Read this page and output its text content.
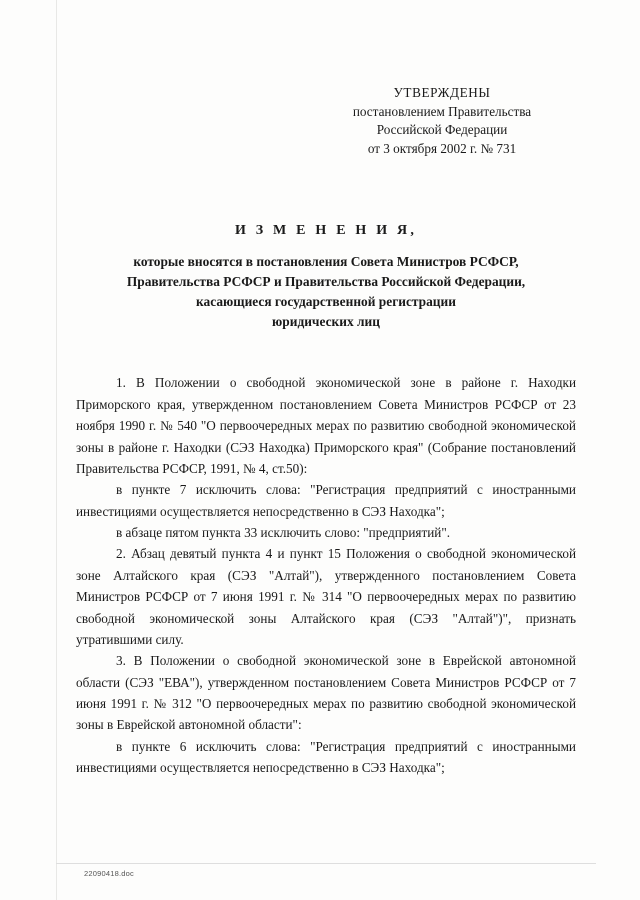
УТВЕРЖДЕНЫ
постановлением Правительства
Российской Федерации
от 3 октября 2002 г. № 731
И З М Е Н Е Н И Я,
которые вносятся в постановления Совета Министров РСФСР,
Правительства РСФСР и Правительства Российской Федерации,
касающиеся государственной регистрации
юридических лиц

1. В Положении о свободной экономической зоне в районе г. Находки Приморского края, утвержденном постановлением Совета Министров РСФСР от 23 ноября 1990 г. № 540 "О первоочередных мерах по развитию свободной экономической зоны в районе г. Находки (СЭЗ Находка) Приморского края" (Собрание постановлений Правительства РСФСР, 1991, № 4, ст.50):

в пункте 7 исключить слова: "Регистрация предприятий с иностранными инвестициями осуществляется непосредственно в СЭЗ Находка";

в абзаце пятом пункта 33 исключить слово: "предприятий".

2. Абзац девятый пункта 4 и пункт 15 Положения о свободной экономической зоне Алтайского края (СЭЗ "Алтай"), утвержденного постановлением Совета Министров РСФСР от 7 июня 1991 г. № 314 "О первоочередных мерах по развитию свободной экономической зоны Алтайского края (СЭЗ "Алтай")", признать утратившими силу.

3. В Положении о свободной экономической зоне в Еврейской автономной области (СЭЗ "ЕВА"), утвержденном постановлением Совета Министров РСФСР от 7 июня 1991 г. № 312 "О первоочередных мерах по развитию свободной экономической зоны в Еврейской автономной области":

в пункте 6 исключить слова: "Регистрация предприятий с иностранными инвестициями осуществляется непосредственно в СЭЗ Находка";

22090418.doc
